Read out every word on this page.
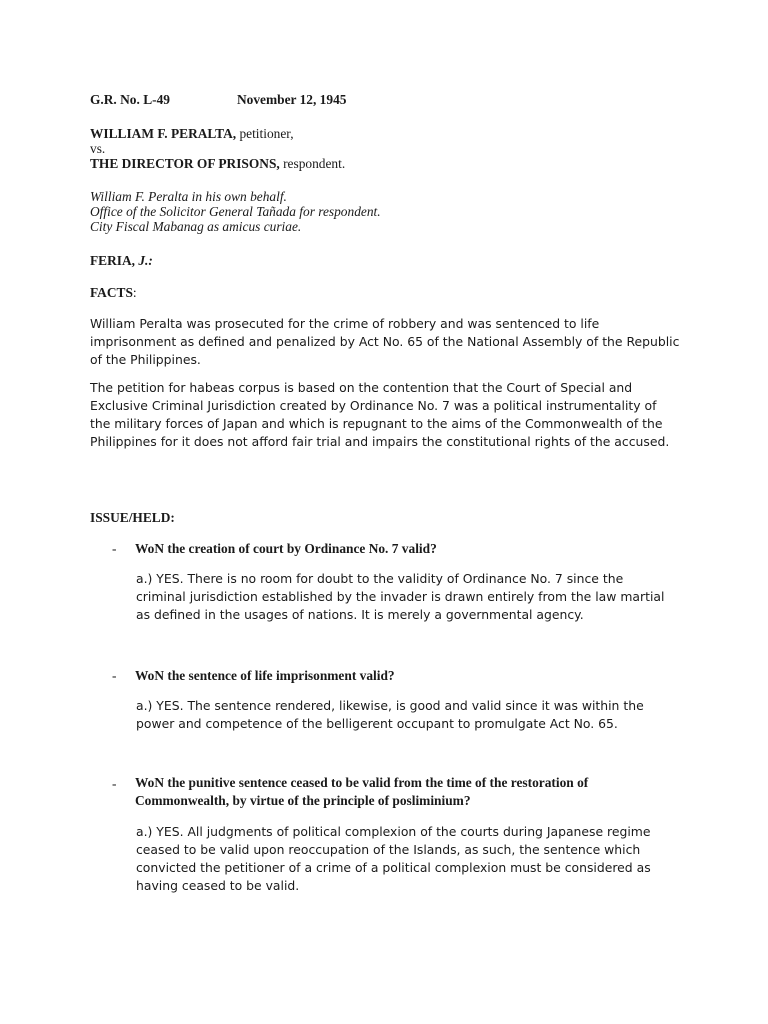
G.R. No. L-49	November 12, 1945
WILLIAM F. PERALTA, petitioner,
vs.
THE DIRECTOR OF PRISONS, respondent.
William F. Peralta in his own behalf.
Office of the Solicitor General Tañada for respondent.
City Fiscal Mabanag as amicus curiae.
FERIA, J.:
FACTS:

William Peralta was prosecuted for the crime of robbery and was sentenced to life imprisonment as defined and penalized by Act No. 65 of the National Assembly of the Republic of the Philippines.

The petition for habeas corpus is based on the contention that the Court of Special and Exclusive Criminal Jurisdiction created by Ordinance No. 7 was a political instrumentality of the military forces of Japan and which is repugnant to the aims of the Commonwealth of the Philippines for it does not afford fair trial and impairs the constitutional rights of the accused.

ISSUE/HELD:
- WoN the creation of court by Ordinance No. 7 valid?

a.) YES. There is no room for doubt to the validity of Ordinance No. 7 since the criminal jurisdiction established by the invader is drawn entirely from the law martial as defined in the usages of nations. It is merely a governmental agency.

- WoN the sentence of life imprisonment valid?

a.) YES. The sentence rendered, likewise, is good and valid since it was within the power and competence of the belligerent occupant to promulgate Act No. 65.

- WoN the punitive sentence ceased to be valid from the time of the restoration of Commonwealth, by virtue of the principle of posliminium?

a.) YES. All judgments of political complexion of the courts during Japanese regime ceased to be valid upon reoccupation of the Islands, as such, the sentence which convicted the petitioner of a crime of a political complexion must be considered as having ceased to be valid.
